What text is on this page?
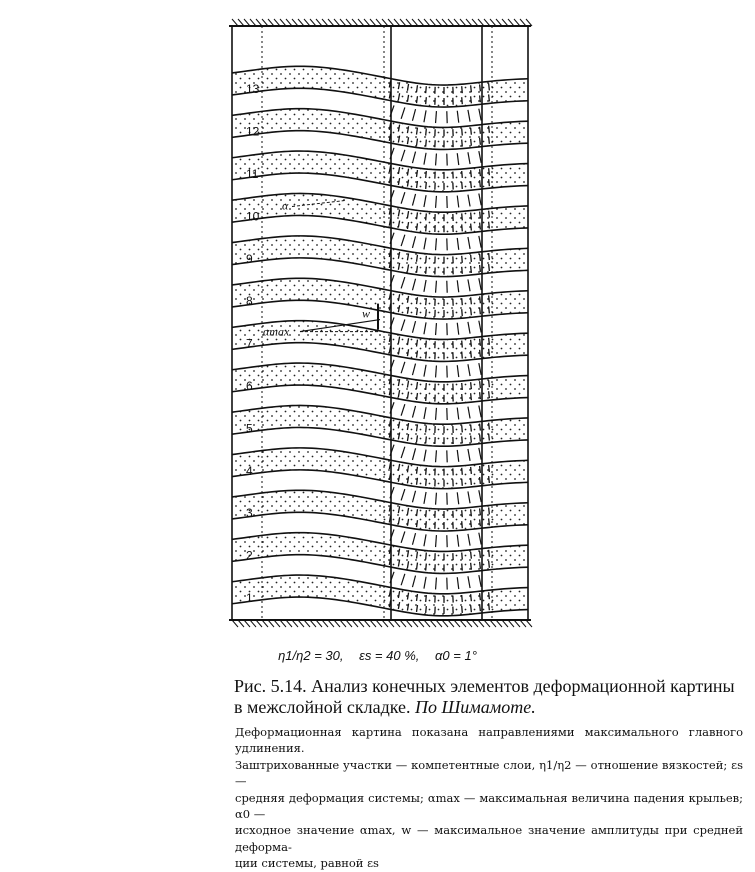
1
2
3
4
5
6
7
8
9
10
11
12
13
α
αmax
w
η1/η2 = 30, εs = 40 %, α0 = 1°
Рис. 5.14. Анализ конечных элементов деформационной картины в межслойной складке. По Шимамоте.

Деформационная картина показана направлениями максимального главного удлинения.

Заштрихованные участки — компетентные слои, η1/η2 — отношение вязкостей; εs —

средняя деформация системы; αmax — максимальная величина падения крыльев; α0 —

исходное значение αmax, w — максимальное значение амплитуды при средней деформа-

ции системы, равной εs
